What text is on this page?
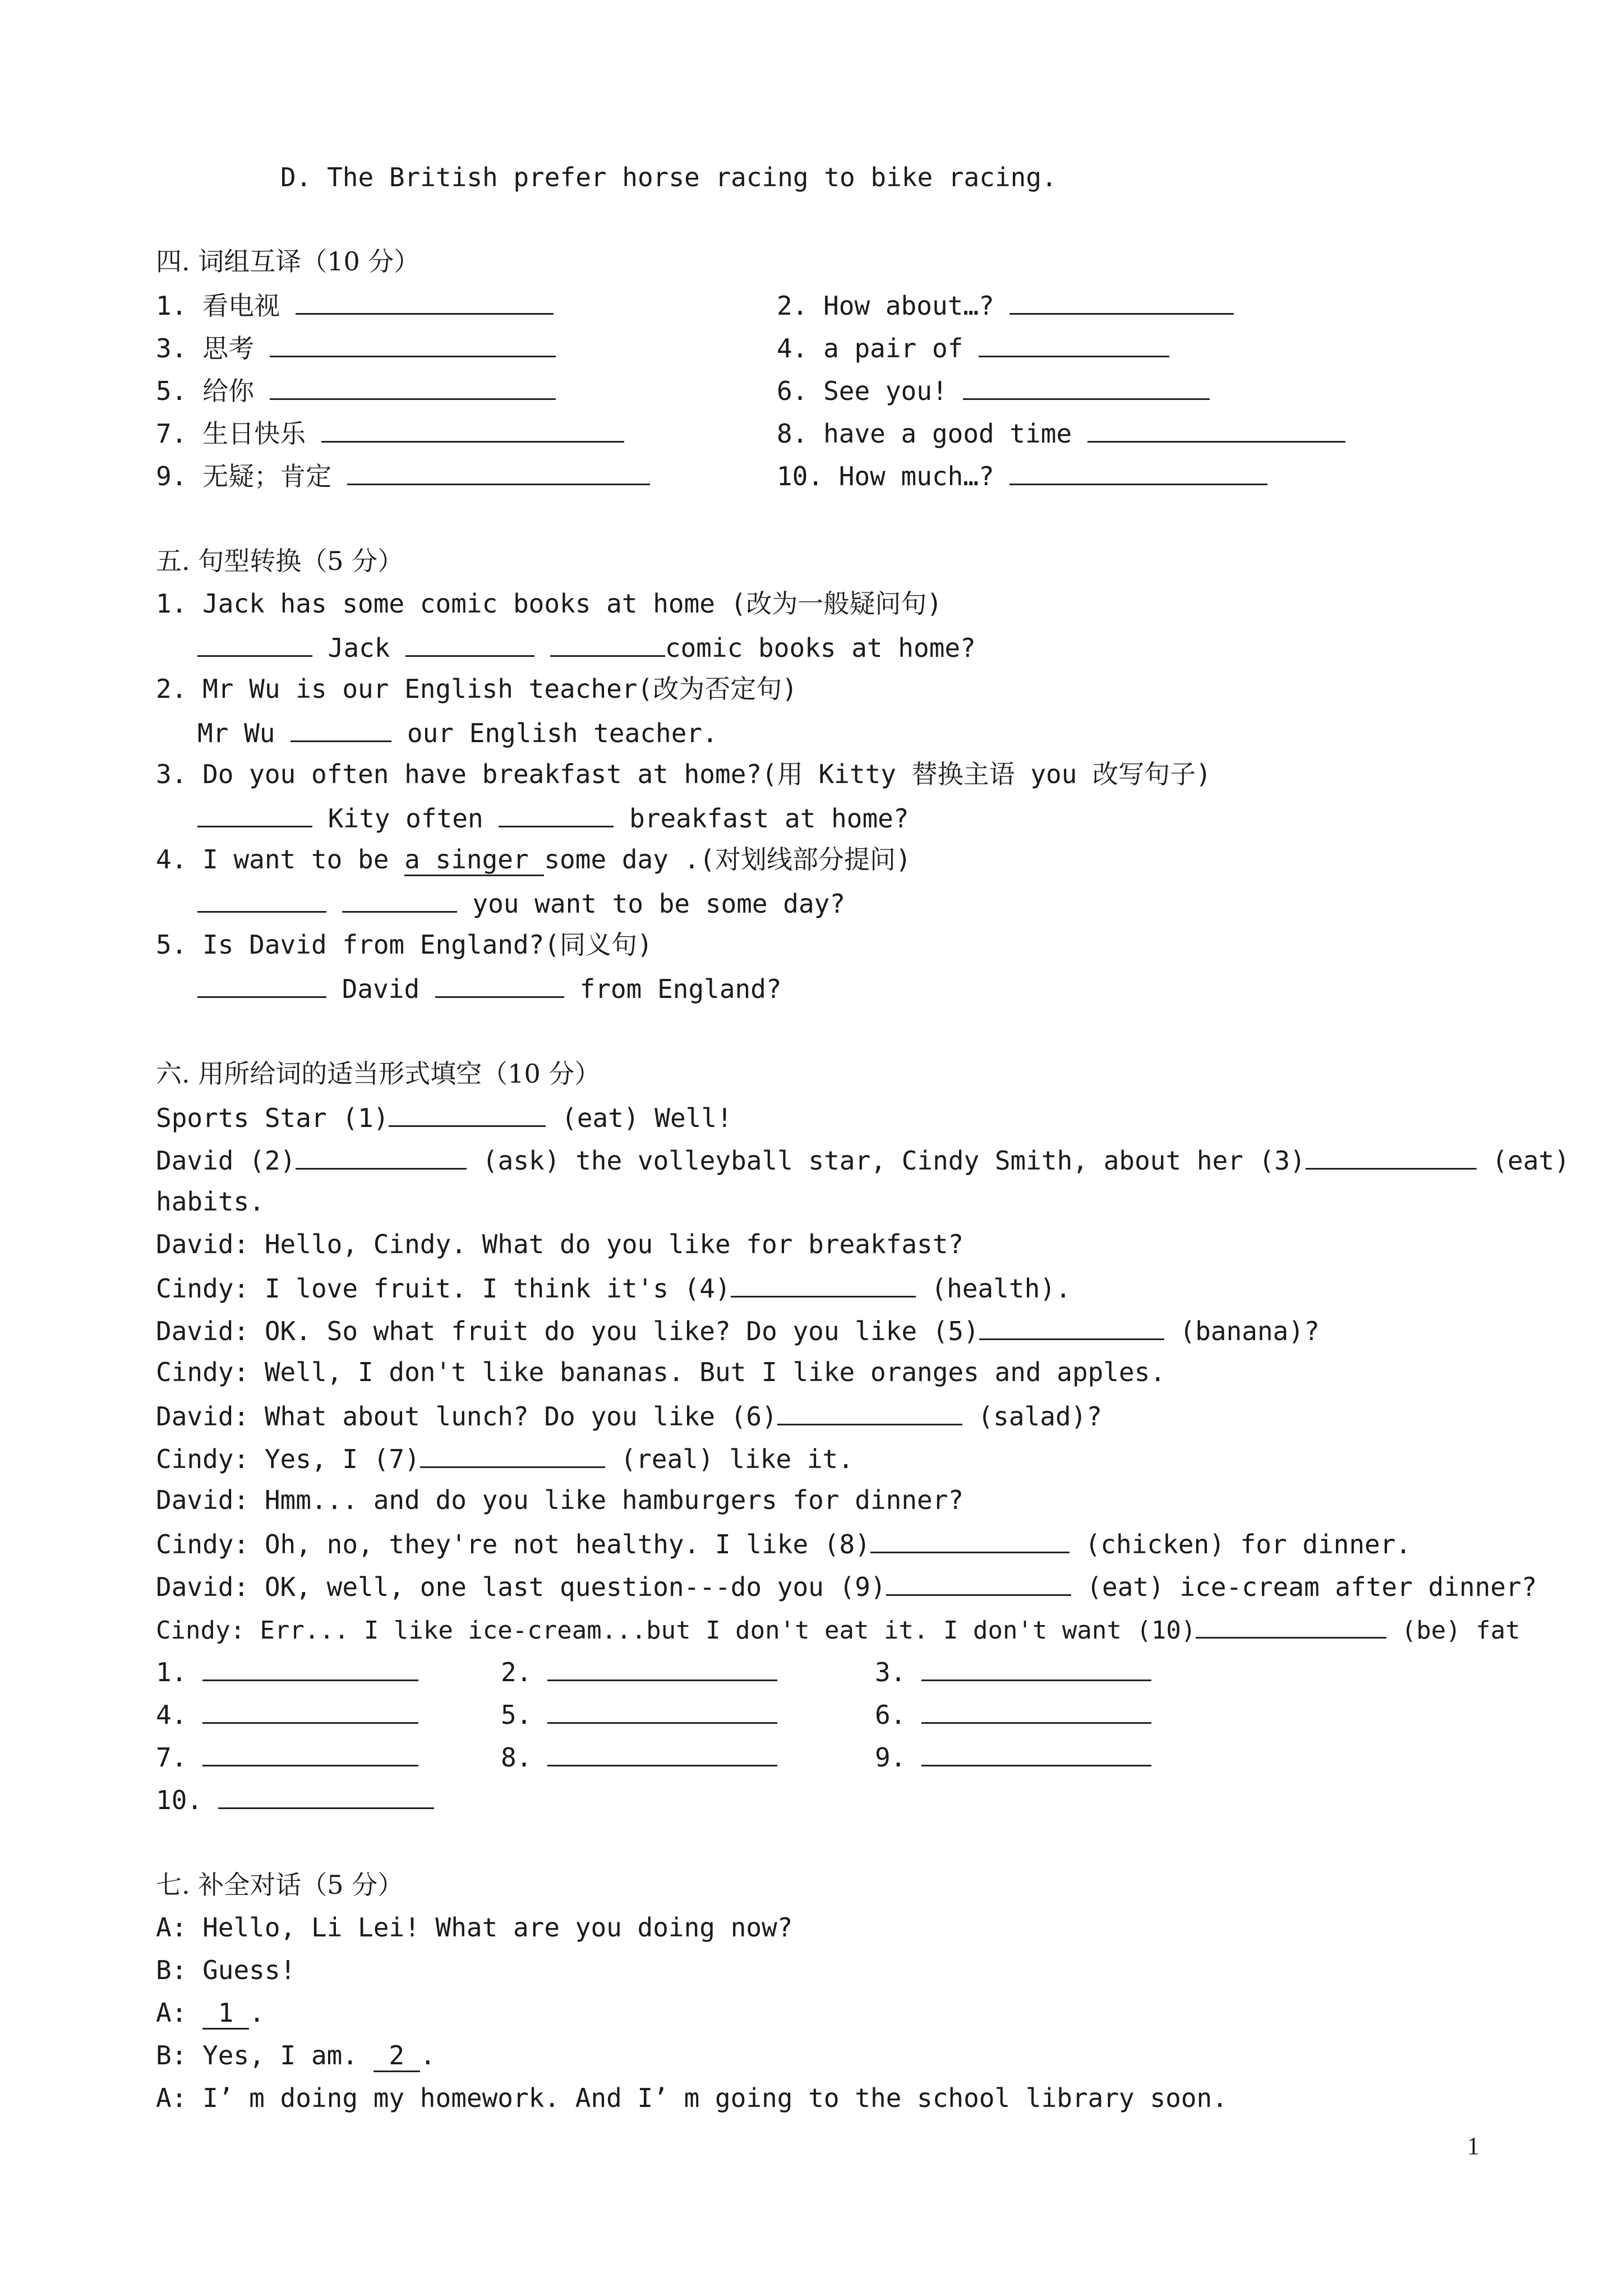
D. The British prefer horse racing to bike racing.
四. 词组互译（10 分）
1. 看电视	2. How about…?
3. 思考	4. a pair of
5. 给你	6. See you!
7. 生日快乐	8. have a good time
9. 无疑；肯定	10. How much…?
五. 句型转换（5 分）
1. Jack has some comic books at home (改为一般疑问句)
Jack	comic books at home?
2. Mr Wu is our English teacher(改为否定句)
Mr Wu	our English teacher.
3. Do you often have breakfast at home?(用 Kitty 替换主语 you 改写句子)
Kity often	breakfast at home?
4. I want to be a singer some day .(对划线部分提问)
you want to be some day?
5. Is David from England?(同义句)
David	from England?
六. 用所给词的适当形式填空（10 分）
Sports Star (1)	(eat) Well!
David (2)	(ask) the volleyball star, Cindy Smith, about her (3)	(eat)
habits.
David: Hello, Cindy. What do you like for breakfast?
Cindy: I love fruit. I think it's (4)	(health).
David: OK. So what fruit do you like? Do you like (5)	(banana)?
Cindy: Well, I don't like bananas. But I like oranges and apples.
David: What about lunch? Do you like (6)	(salad)?
Cindy: Yes, I (7)	(real) like it.
David: Hmm... and do you like hamburgers for dinner?
Cindy: Oh, no, they're not healthy. I like (8)	(chicken) for dinner.
David: OK, well, one last question---do you (9)	(eat) ice-cream after dinner?
Cindy: Err... I like ice-cream...but I don't eat it. I don't want (10)	(be) fat
1.	2.	3.
4.	5.	6.
7.	8.	9.
10.
七. 补全对话（5 分）
A: Hello, Li Lei! What are you doing now?
B: Guess!
A:  1 .
B: Yes, I am.  2 .
A: I’ m doing my homework. And I’ m going to the school library soon.
1
